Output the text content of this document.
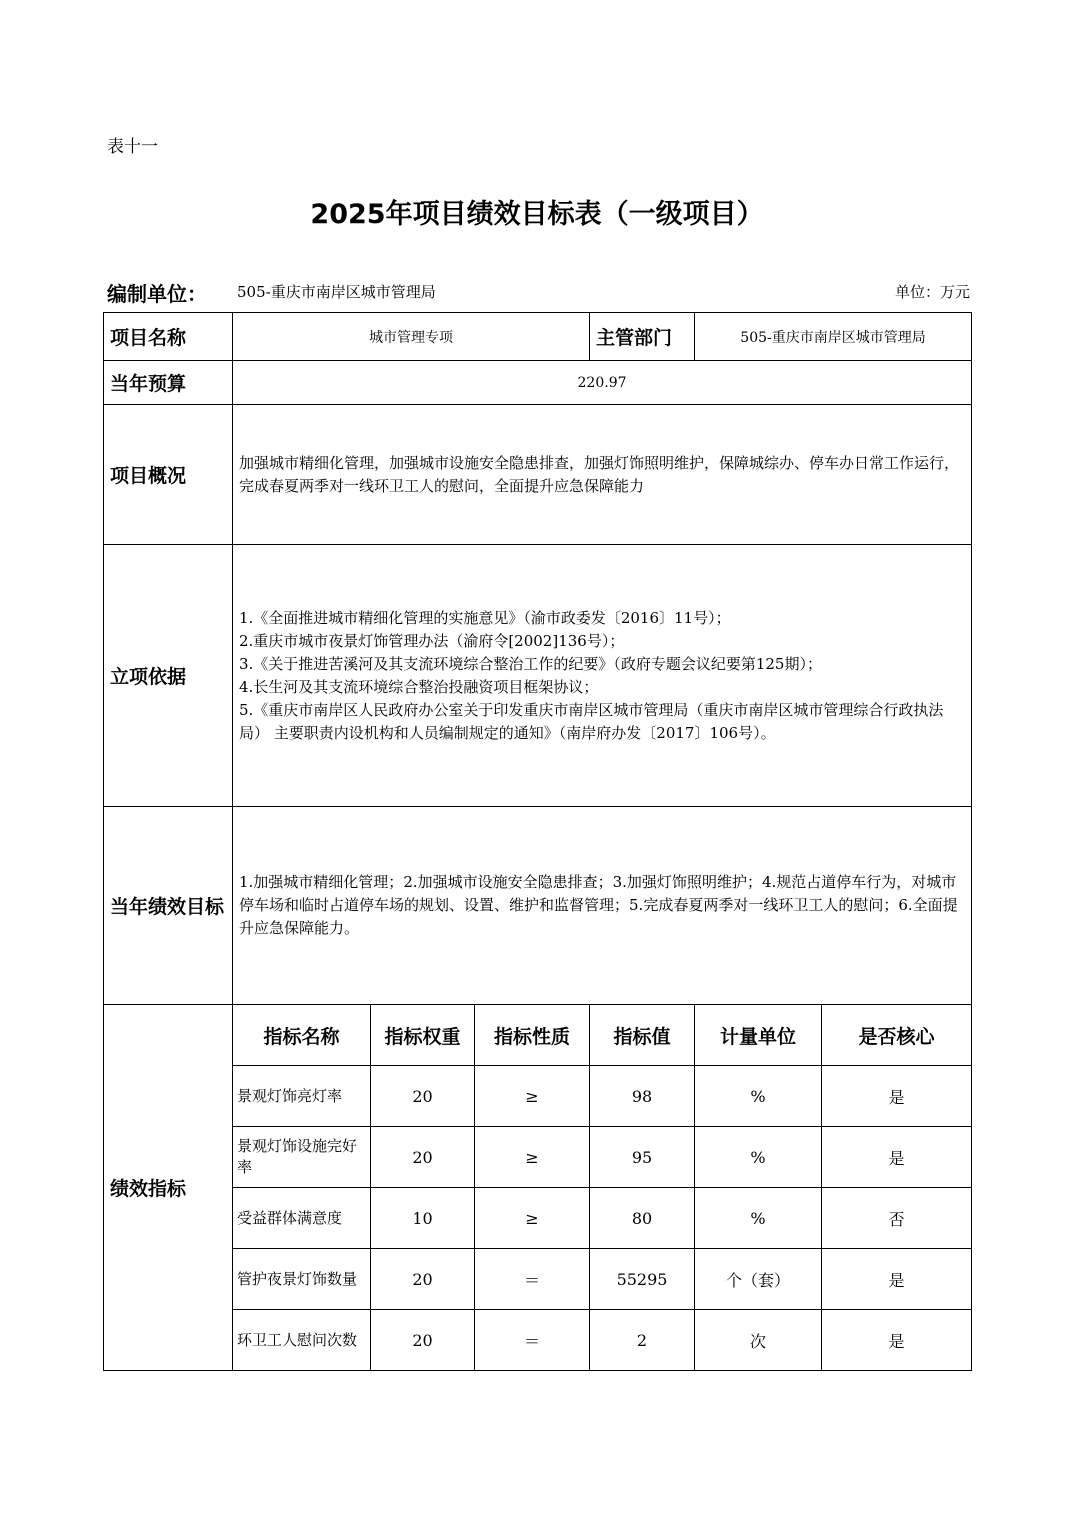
表十一
2025年项目绩效目标表（一级项目）
编制单位： 505-重庆市南岸区城市管理局	单位：万元
项目名称	城市管理专项			主管部门	505-重庆市南岸区城市管理局	
当年预算	220.97					
项目概况	加强城市精细化管理，加强城市设施安全隐患排查，加强灯饰照明维护，保障城综办、停车办日常工作运行，完成春夏两季对一线环卫工人的慰问，全面提升应急保障能力					
立项依据	1.《全面推进城市精细化管理的实施意见》（渝市政委发〔2016〕11号）；
2.重庆市城市夜景灯饰管理办法（渝府令[2002]136号）；
3.《关于推进苦溪河及其支流环境综合整治工作的纪要》（政府专题会议纪要第125期）；
4.长生河及其支流环境综合整治投融资项目框架协议；
5.《重庆市南岸区人民政府办公室关于印发重庆市南岸区城市管理局（重庆市南岸区城市管理综合行政执法局） 主要职责内设机构和人员编制规定的通知》（南岸府办发〔2017〕106号）。					

当年绩效目标	1.加强城市精细化管理；2.加强城市设施安全隐患排查；3.加强灯饰照明维护；4.规范占道停车行为，对城市停车场和临时占道停车场的规划、设置、维护和监督管理；5.完成春夏两季对一线环卫工人的慰问；6.全面提升应急保障能力。					
绩效指标	指标名称	指标权重	指标性质	指标值	计量单位	是否核心
	景观灯饰亮灯率	20	≥	98	%	是
	景观灯饰设施完好率	20	≥	95	%	是
	受益群体满意度	10	≥	80	%	否
	管护夜景灯饰数量	20	＝	55295	个（套）	是
	环卫工人慰问次数	20	＝	2	次	是
